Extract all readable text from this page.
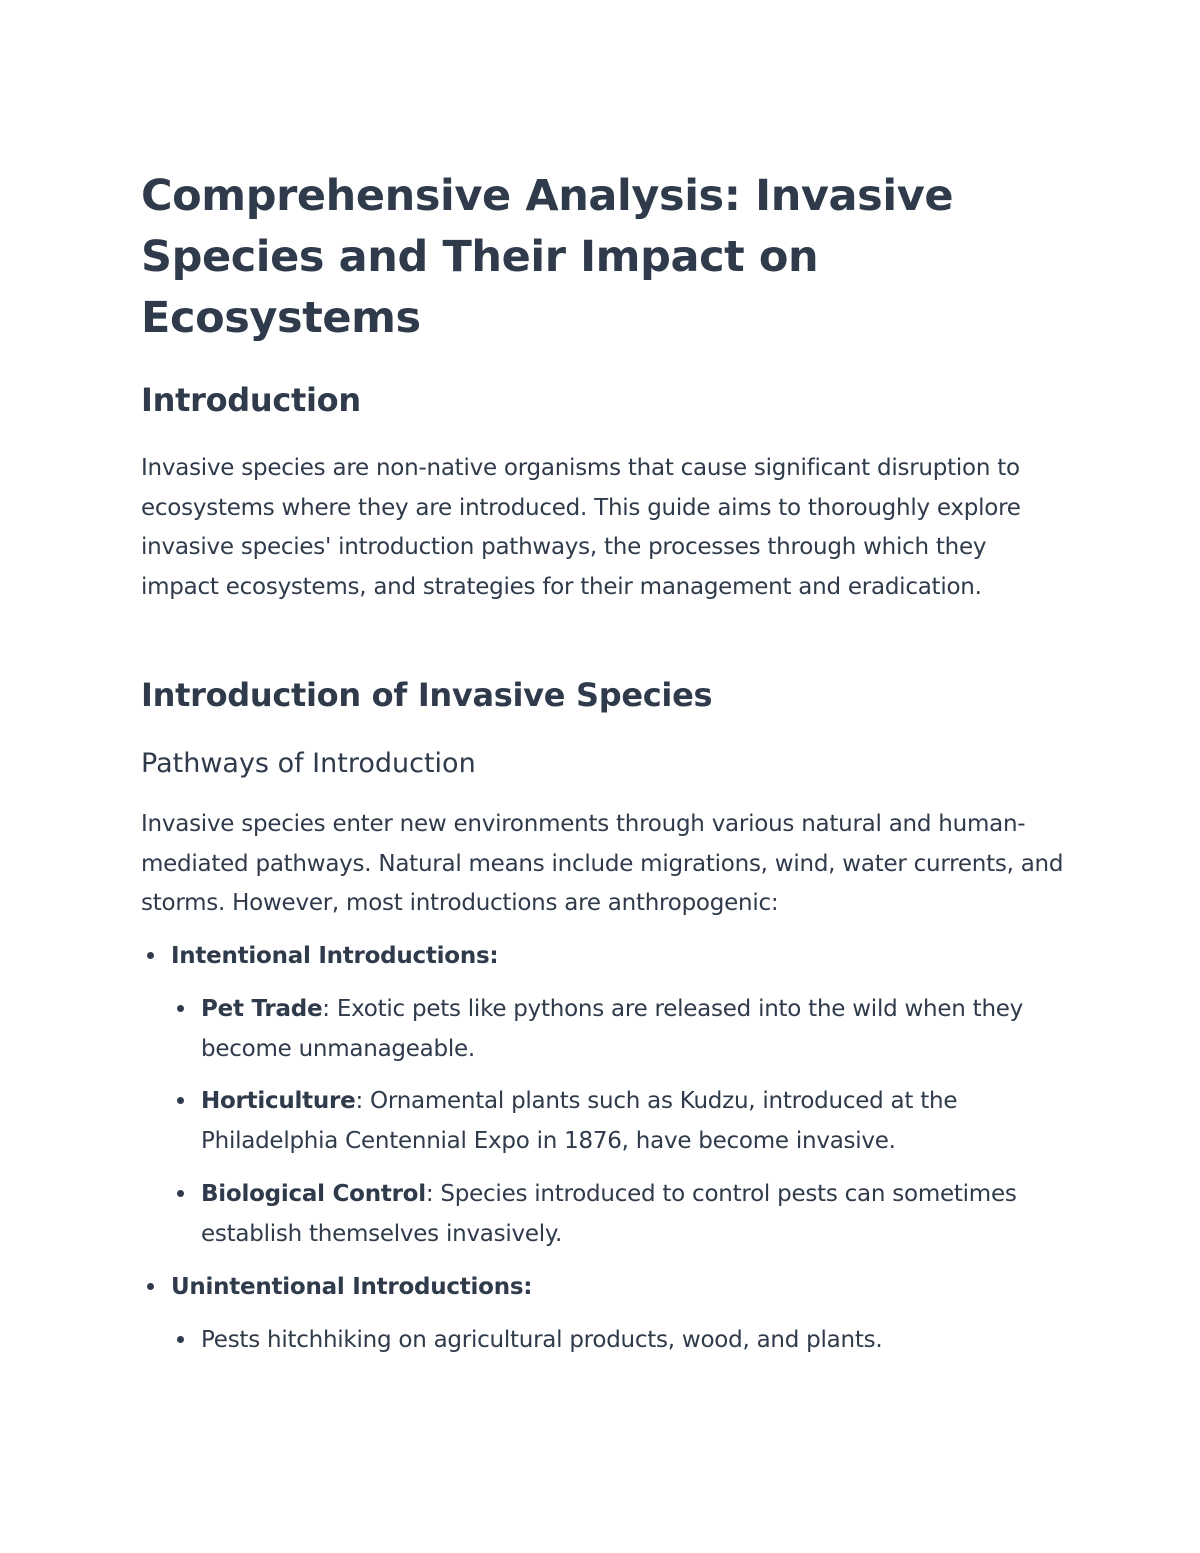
Comprehensive Analysis: Invasive Species and Their Impact on Ecosystems
Introduction

Invasive species are non-native organisms that cause significant disruption to ecosystems where they are introduced. This guide aims to thoroughly explore invasive species' introduction pathways, the processes through which they impact ecosystems, and strategies for their management and eradication.

Introduction of Invasive Species
Pathways of Introduction

Invasive species enter new environments through various natural and human-mediated pathways. Natural means include migrations, wind, water currents, and storms. However, most introductions are anthropogenic:

Intentional Introductions:
Pet Trade: Exotic pets like pythons are released into the wild when they become unmanageable.
Horticulture: Ornamental plants such as Kudzu, introduced at the Philadelphia Centennial Expo in 1876, have become invasive.
Biological Control: Species introduced to control pests can sometimes establish themselves invasively.
Unintentional Introductions:
Pests hitchhiking on agricultural products, wood, and plants.
